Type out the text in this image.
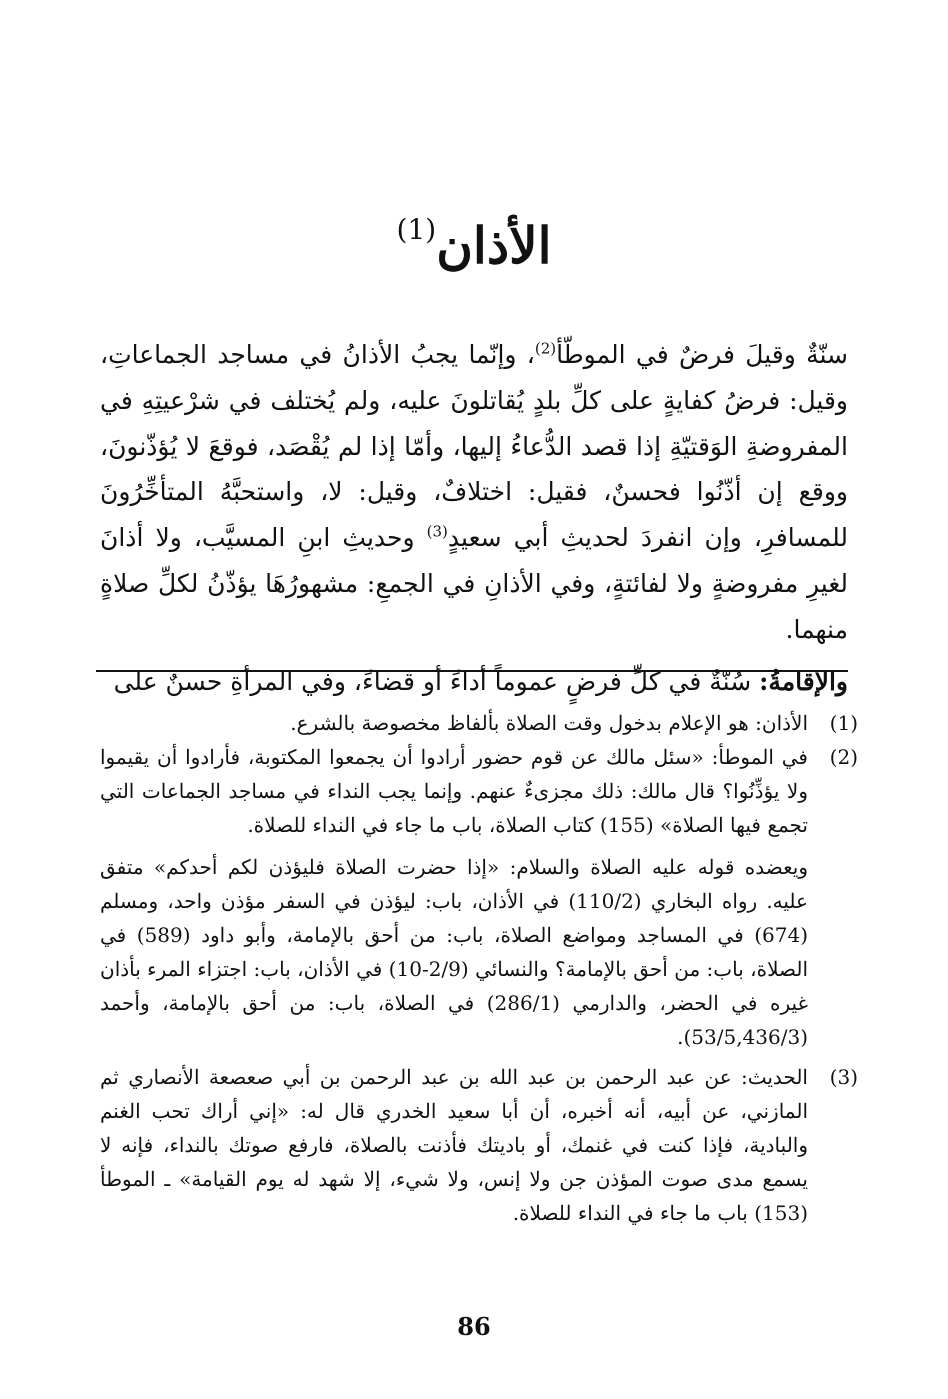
الأذان$^{(1)}$

سنّةٌ وقيلَ فرضٌ في الموطّأ$^{(2)}$، وإنّما يجبُ الأذانُ في مساجد الجماعاتِ، وقيل: فرضُ كفايةٍ على كلِّ بلدٍ يُقاتلونَ عليه، ولم يُختلف في شرْعيتِهِ في المفروضةِ الوَقتيّةِ إذا قصد الدُّعاءُ إليها، وأمّا إذا لم يُقْصَد، فوقعَ لا يُؤذّنونَ، ووقع إن أذّنُوا فحسنٌ، فقيل: اختلافٌ، وقيل: لا، واستحبَّهُ المتأخِّرُونَ للمسافرِ، وإن انفردَ لحديثِ أبي سعيدٍ$^{(3)}$ وحديثِ ابنِ المسيَّب، ولا أذانَ لغيرِ مفروضةٍ ولا لفائتةٍ، وفي الأذانِ في الجمعِ: مشهورُهَا يؤذّنُ لكلِّ صلاةٍ منهما.

والإقامةُ: سُنّةٌ في كلِّ فرضٍ عموماً أداءً أو قضاءً، وفي المرأةِ حسنٌ على

(1)
الأذان: هو الإعلام بدخول وقت الصلاة بألفاظ مخصوصة بالشرع.

(2)
في الموطأ: «سئل مالك عن قوم حضور أرادوا أن يجمعوا المكتوبة، فأرادوا أن يقيموا ولا يؤذِّنُوا؟ قال مالك: ذلك مجزىءٌ عنهم. وإنما يجب النداء في مساجد الجماعات التي تجمع فيها الصلاة» (155) كتاب الصلاة، باب ما جاء في النداء للصلاة.

ويعضده قوله عليه الصلاة والسلام: «إذا حضرت الصلاة فليؤذن لكم أحدكم» متفق عليه. رواه البخاري (110/2) في الأذان، باب: ليؤذن في السفر مؤذن واحد، ومسلم (674) في المساجد ومواضع الصلاة، باب: من أحق بالإمامة، وأبو داود (589) في الصلاة، باب: من أحق بالإمامة؟ والنسائي (2/9-10) في الأذان، باب: اجتزاء المرء بأذان غيره في الحضر، والدارمي (286/1) في الصلاة، باب: من أحق بالإمامة، وأحمد (53/5,436/3).

(3)
الحديث: عن عبد الرحمن بن عبد الله بن عبد الرحمن بن أبي صعصعة الأنصاري ثم المازني، عن أبيه، أنه أخبره، أن أبا سعيد الخدري قال له: «إني أراك تحب الغنم والبادية، فإذا كنت في غنمك، أو باديتك فأذنت بالصلاة، فارفع صوتك بالنداء، فإنه لا يسمع مدى صوت المؤذن جن ولا إنس، ولا شيء، إلا شهد له يوم القيامة» ـ الموطأ (153) باب ما جاء في النداء للصلاة.

86
